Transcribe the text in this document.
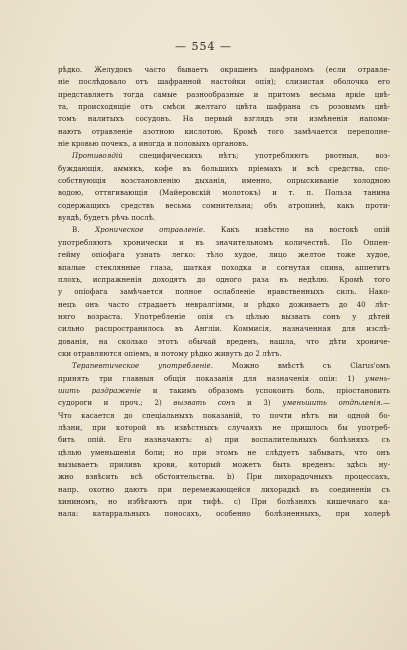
— 554 —
рѣдко. Желудокъ часто бываетъ окрашенъ шафраномъ (если отравле-
ніе послѣдовало отъ шафранной настойки опія); слизистая оболочка его
представляетъ тогда самые разнообразные и притомъ весьма яркіе цвѣ-
та, происходящіе отъ смѣси желтаго цвѣта шафрана съ розовымъ цвѣ-
томъ налитыхъ сосудовъ. На первый взглядъ эти измѣненія напоми-
наютъ отравленіе азотною кислотою. Кромѣ того замѣчается переполне-
ніе кровью почекъ, а иногда и половыхъ органовъ.
Противоядій специфическихъ нѣтъ; употребляютъ рвотныя, воз-
буждающія, аммякъ, кофе въ большихъ пріемахъ и всѣ средства, спо-
собствующія возстановленію дыханія, именно, опрыскиваніе холодною
водою, оттягивающія (Майеровскій молотокъ) и т. п. Польза танина
содержащихъ средствъ весьма сомнительна; объ атропинѣ, какъ проти-
вуядѣ, будетъ рѣчь послѣ.
В. Хроническое отравленіе. Какъ извѣстно на востокѣ опій
употребляютъ хронически и въ значительномъ количествѣ. По Оппен-
гейму опіофага узнать легко: тѣло худое, лицо желтое тоже худое,
впалые стеклянные глаза, шаткая походка и согнутая спина, аппетитъ
плохъ, испражненія доходятъ до одного раза въ недѣлю. Кромѣ того
у опіофага замѣчается полное ослабленіе нравственныхъ силъ. Нако-
нецъ онъ часто страдаетъ невралгіями, и рѣдко доживаетъ до 40 лѣт-
няго возраста. Употребленіе опія съ цѣлью вызвать сонъ у дѣтей
сильно распространилось въ Англіи. Коммисія, назначенная для изслѣ-
дованія, на сколько этотъ обычай вреденъ, нашла, что дѣти хрониче-
ски отравляются опіемъ, и потому рѣдко живутъ до 2 лѣтъ.
Терапевтическое употребленіе. Можно вмѣстѣ съ Clarus'омъ
принять три главныя общія показанія для назначенія опія: 1) умень-
шить раздраженіе и такимъ образомъ успокоить боль, пріостановить
судороги и проч.; 2) вызвать сонъ и 3) уменьшить отдѣленія.—
Что касается до спеціальныхъ показаній, то почти нѣтъ ни одной бо-
лѣзни, при которой въ извѣстныхъ случаяхъ не пришлось бы употреб-
бить опій. Его назначаютъ: а) при воспалительныхъ болѣзняхъ съ
цѣлью уменьшенія боли; но при этомъ не слѣдуетъ забывать, что онъ
вызываетъ приливъ крови, который можетъ быть вреденъ: здѣсь ну-
жно взвѣсить всѣ обстоятельства. b) При лихорадочныхъ процессахъ,
напр. охотно даютъ при перемежающейся лихорадкѣ въ соединеніи съ
хининомъ, но избѣгаютъ при тифѣ. c) При болѣзняхъ кишечнаго ка-
нала: катарральныхъ поносахъ, особенно болѣзненныхъ, при холерѣ
